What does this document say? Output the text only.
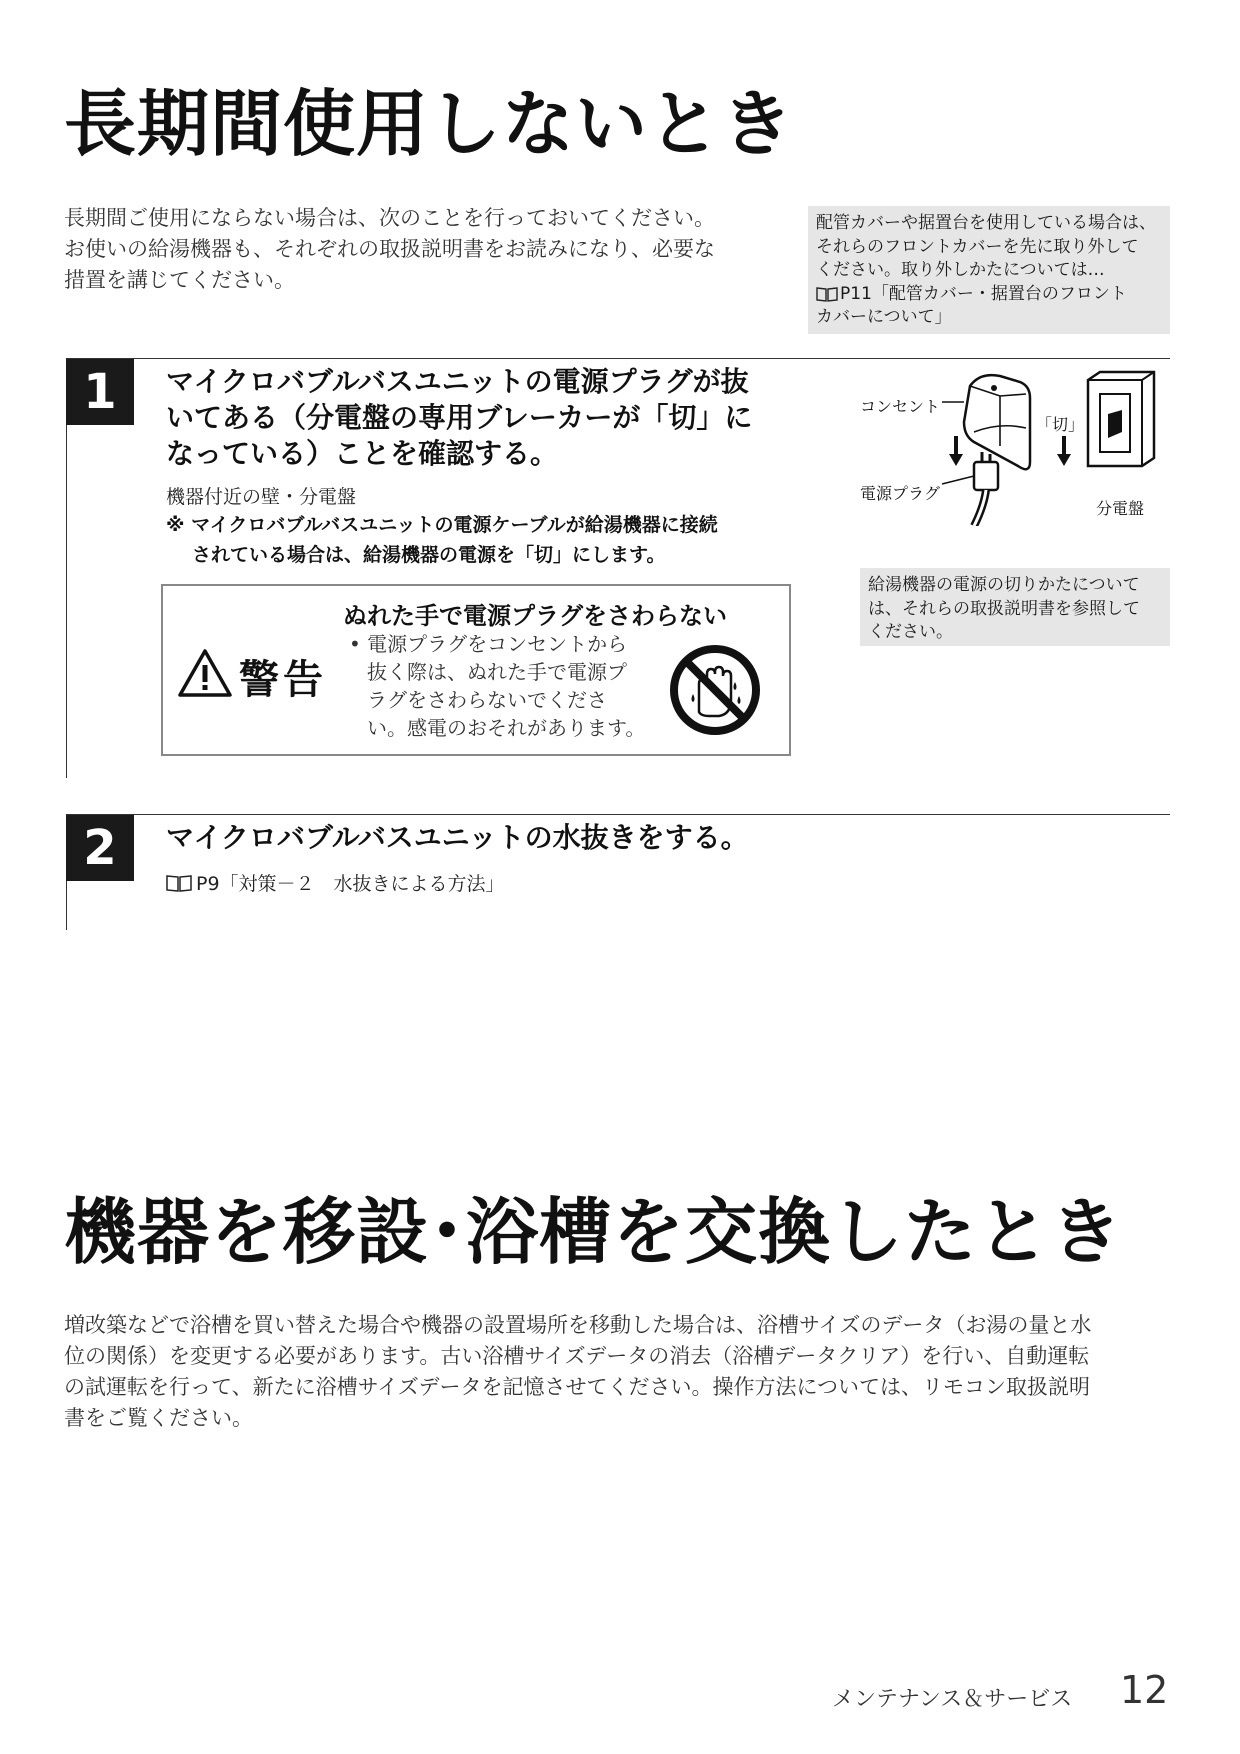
長期間使用しないとき
長期間ご使用にならない場合は、次のことを行っておいてください。
お使いの給湯機器も、それぞれの取扱説明書をお読みになり、必要な
措置を講じてください。
配管カバーや据置台を使用している場合は、
それらのフロントカバーを先に取り外して
ください。取り外しかたについては…
P11「配管カバー・据置台のフロント
カバーについて」
1	マイクロバブルバスユニットの電源プラグが抜
いてある（分電盤の専用ブレーカーが「切」に
なっている）ことを確認する。
機器付近の壁・分電盤
※ マイクロバブルバスユニットの電源ケーブルが給湯機器に接続
されている場合は、給湯機器の電源を「切」にします。
警告
ぬれた手で電源プラグをさわらない
• 電源プラグをコンセントから
抜く際は、ぬれた手で電源プ
ラグをさわらないでくださ
い。感電のおそれがあります。
コンセント
電源プラグ
「切」
分電盤
給湯機器の電源の切りかたについて
は、それらの取扱説明書を参照して
ください。
2	マイクロバブルバスユニットの水抜きをする。
P9「対策－２　水抜きによる方法」
機器を移設･浴槽を交換したとき
増改築などで浴槽を買い替えた場合や機器の設置場所を移動した場合は、浴槽サイズのデータ（お湯の量と水
位の関係）を変更する必要があります。古い浴槽サイズデータの消去（浴槽データクリア）を行い、自動運転
の試運転を行って、新たに浴槽サイズデータを記憶させてください。操作方法については、リモコン取扱説明
書をご覧ください。
メンテナンス＆サービス 12
